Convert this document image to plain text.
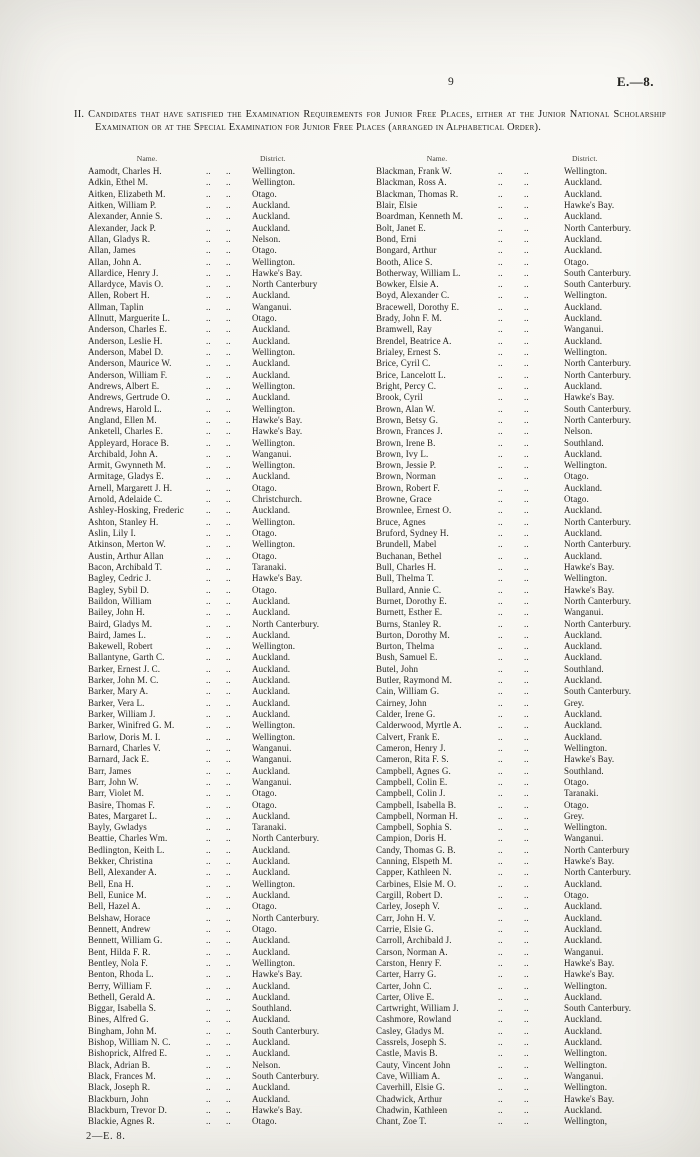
9	E.—8.

II. Candidates that have satisfied the Examination Requirements for Junior Free Places, either at the Junior National Scholarship Examination or at the Special Examination for Junior Free Places (arranged in Alphabetical Order).

Name.	District.
Aamodt, Charles H.	..	..	Wellington.
Adkin, Ethel M.	..	..	Wellington.
Aitken, Elizabeth M.	..	..	Otago.
Aitken, William P.	..	..	Auckland.
Alexander, Annie S.	..	..	Auckland.
Alexander, Jack P.	..	..	Auckland.
Allan, Gladys R.	..	..	Nelson.
Allan, James	..	..	Otago.
Allan, John A.	..	..	Wellington.
Allardice, Henry J.	..	..	Hawke's Bay.
Allardyce, Mavis O.	..	..	North Canterbury
Allen, Robert H.	..	..	Auckland.
Allman, Taplin	..	..	Wanganui.
Allnutt, Marguerite L.	..	..	Otago.
Anderson, Charles E.	..	..	Auckland.
Anderson, Leslie H.	..	..	Auckland.
Anderson, Mabel D.	..	..	Wellington.
Anderson, Maurice W.	..	..	Auckland.
Anderson, William F.	..	..	Auckland.
Andrews, Albert E.	..	..	Wellington.
Andrews, Gertrude O.	..	..	Auckland.
Andrews, Harold L.	..	..	Wellington.
Angland, Ellen M.	..	..	Hawke's Bay.
Anketell, Charles E.	..	..	Hawke's Bay.
Appleyard, Horace B.	..	..	Wellington.
Archibald, John A.	..	..	Wanganui.
Armit, Gwynneth M.	..	..	Wellington.
Armitage, Gladys E.	..	..	Auckland.
Arnell, Margarett J. H.	..	..	Otago.
Arnold, Adelaide C.	..	..	Christchurch.
Ashley-Hosking, Frederic	..	..	Auckland.
Ashton, Stanley H.	..	..	Wellington.
Aslin, Lily I.	..	..	Otago.
Atkinson, Merton W.	..	..	Wellington.
Austin, Arthur Allan	..	..	Otago.
Bacon, Archibald T.	..	..	Taranaki.
Bagley, Cedric J.	..	..	Hawke's Bay.
Bagley, Sybil D.	..	..	Otago.
Baildon, William	..	..	Auckland.
Bailey, John H.	..	..	Auckland.
Baird, Gladys M.	..	..	North Canterbury.
Baird, James L.	..	..	Auckland.
Bakewell, Robert	..	..	Wellington.
Ballantyne, Garth C.	..	..	Auckland.
Barker, Ernest J. C.	..	..	Auckland.
Barker, John M. C.	..	..	Auckland.
Barker, Mary A.	..	..	Auckland.
Barker, Vera L.	..	..	Auckland.
Barker, William J.	..	..	Auckland.
Barker, Winifred G. M.	..	..	Wellington.
Barlow, Doris M. I.	..	..	Wellington.
Barnard, Charles V.	..	..	Wanganui.
Barnard, Jack E.	..	..	Wanganui.
Barr, James	..	..	Auckland.
Barr, John W.	..	..	Wanganui.
Barr, Violet M.	..	..	Otago.
Basire, Thomas F.	..	..	Otago.
Bates, Margaret L.	..	..	Auckland.
Bayly, Gwladys	..	..	Taranaki.
Beattie, Charles Wm.	..	..	North Canterbury.
Bedlington, Keith L.	..	..	Auckland.
Bekker, Christina	..	..	Auckland.
Bell, Alexander A.	..	..	Auckland.
Bell, Ena H.	..	..	Wellington.
Bell, Eunice M.	..	..	Auckland.
Bell, Hazel A.	..	..	Otago.
Belshaw, Horace	..	..	North Canterbury.
Bennett, Andrew	..	..	Otago.
Bennett, William G.	..	..	Auckland.
Bent, Hilda F. R.	..	..	Auckland.
Bentley, Nola F.	..	..	Wellington.
Benton, Rhoda L.	..	..	Hawke's Bay.
Berry, William F.	..	..	Auckland.
Bethell, Gerald A.	..	..	Auckland.
Biggar, Isabella S.	..	..	Southland.
Bines, Alfred G.	..	..	Auckland.
Bingham, John M.	..	..	South Canterbury.
Bishop, William N. C.	..	..	Auckland.
Bishoprick, Alfred E.	..	..	Auckland.
Black, Adrian B.	..	..	Nelson.
Black, Frances M.	..	..	South Canterbury.
Black, Joseph R.	..	..	Auckland.
Blackburn, John	..	..	Auckland.
Blackburn, Trevor D.	..	..	Hawke's Bay.
Blackie, Agnes R.	..	..	Otago.
Name.	District.
Blackman, Frank W.	..	..	Wellington.
Blackman, Ross A.	..	..	Auckland.
Blackman, Thomas R.	..	..	Auckland.
Blair, Elsie	..	..	Hawke's Bay.
Boardman, Kenneth M.	..	..	Auckland.
Bolt, Janet E.	..	..	North Canterbury.
Bond, Erni	..	..	Auckland.
Bongard, Arthur	..	..	Auckland.
Booth, Alice S.	..	..	Otago.
Botherway, William L.	..	..	South Canterbury.
Bowker, Elsie A.	..	..	South Canterbury.
Boyd, Alexander C.	..	..	Wellington.
Bracewell, Dorothy E.	..	..	Auckland.
Brady, John F. M.	..	..	Auckland.
Bramwell, Ray	..	..	Wanganui.
Brendel, Beatrice A.	..	..	Auckland.
Brialey, Ernest S.	..	..	Wellington.
Brice, Cyril C.	..	..	North Canterbury.
Brice, Lancelott L.	..	..	North Canterbury.
Bright, Percy C.	..	..	Auckland.
Brook, Cyril	..	..	Hawke's Bay.
Brown, Alan W.	..	..	South Canterbury.
Brown, Betsy G.	..	..	North Canterbury.
Brown, Frances J.	..	..	Nelson.
Brown, Irene B.	..	..	Southland.
Brown, Ivy L.	..	..	Auckland.
Brown, Jessie P.	..	..	Wellington.
Brown, Norman	..	..	Otago.
Brown, Robert F.	..	..	Auckland.
Browne, Grace	..	..	Otago.
Brownlee, Ernest O.	..	..	Auckland.
Bruce, Agnes	..	..	North Canterbury.
Bruford, Sydney H.	..	..	Auckland.
Brundell, Mabel	..	..	North Canterbury.
Buchanan, Bethel	..	..	Auckland.
Bull, Charles H.	..	..	Hawke's Bay.
Bull, Thelma T.	..	..	Wellington.
Bullard, Annie C.	..	..	Hawke's Bay.
Burnet, Dorothy E.	..	..	North Canterbury.
Burnett, Esther E.	..	..	Wanganui.
Burns, Stanley R.	..	..	North Canterbury.
Burton, Dorothy M.	..	..	Auckland.
Burton, Thelma	..	..	Auckland.
Bush, Samuel E.	..	..	Auckland.
Butel, John	..	..	Southland.
Butler, Raymond M.	..	..	Auckland.
Cain, William G.	..	..	South Canterbury.
Cairney, John	..	..	Grey.
Calder, Irene G.	..	..	Auckland.
Calderwood, Myrtle A.	..	..	Auckland.
Calvert, Frank E.	..	..	Auckland.
Cameron, Henry J.	..	..	Wellington.
Cameron, Rita F. S.	..	..	Hawke's Bay.
Campbell, Agnes G.	..	..	Southland.
Campbell, Colin E.	..	..	Otago.
Campbell, Colin J.	..	..	Taranaki.
Campbell, Isabella B.	..	..	Otago.
Campbell, Norman H.	..	..	Grey.
Campbell, Sophia S.	..	..	Wellington.
Campion, Doris H.	..	..	Wanganui.
Candy, Thomas G. B.	..	..	North Canterbury
Canning, Elspeth M.	..	..	Hawke's Bay.
Capper, Kathleen N.	..	..	North Canterbury.
Carbines, Elsie M. O.	..	..	Auckland.
Cargill, Robert D.	..	..	Otago.
Carley, Joseph V.	..	..	Auckland.
Carr, John H. V.	..	..	Auckland.
Carrie, Elsie G.	..	..	Auckland.
Carroll, Archibald J.	..	..	Auckland.
Carson, Norman A.	..	..	Wanganui.
Carston, Henry F.	..	..	Hawke's Bay.
Carter, Harry G.	..	..	Hawke's Bay.
Carter, John C.	..	..	Wellington.
Carter, Olive E.	..	..	Auckland.
Cartwright, William J.	..	..	South Canterbury.
Cashmore, Rowland	..	..	Auckland.
Casley, Gladys M.	..	..	Auckland.
Cassrels, Joseph S.	..	..	Auckland.
Castle, Mavis B.	..	..	Wellington.
Cauty, Vincent John	..	..	Wellington.
Cave, William A.	..	..	Wanganui.
Caverhill, Elsie G.	..	..	Wellington.
Chadwick, Arthur	..	..	Hawke's Bay.
Chadwin, Kathleen	..	..	Auckland.
Chant, Zoe T.	..	..	Wellington,
2—E. 8.
